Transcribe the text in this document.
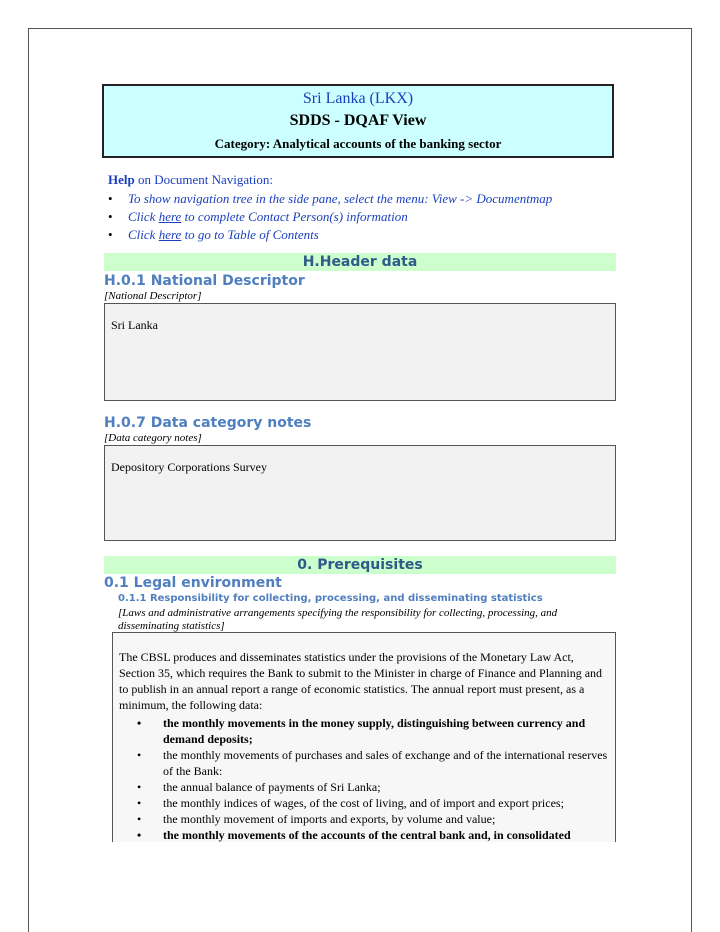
Sri Lanka (LKX)
SDDS - DQAF View
Category: Analytical accounts of the banking sector
Help on Document Navigation:
• To show navigation tree in the side pane, select the menu: View -> Documentmap
• Click here to complete Contact Person(s) information
• Click here to go to Table of Contents
H.Header data
H.0.1 National Descriptor
[National Descriptor]
Sri Lanka
H.0.7 Data category notes
[Data category notes]
Depository Corporations Survey
0. Prerequisites
0.1 Legal environment
0.1.1 Responsibility for collecting, processing, and disseminating statistics
[Laws and administrative arrangements specifying the responsibility for collecting, processing, and
disseminating statistics]
The CBSL produces and disseminates statistics under the provisions of the Monetary Law Act, Section 35, which requires the Bank to submit to the Minister in charge of Finance and Planning and to publish in an annual report a range of economic statistics. The annual report must present, as a minimum, the following data:
• the monthly movements in the money supply, distinguishing between currency and demand deposits;
• the monthly movements of purchases and sales of exchange and of the international reserves of the Bank:
• the annual balance of payments of Sri Lanka;
• the monthly indices of wages, of the cost of living, and of import and export prices;
• the monthly movement of imports and exports, by volume and value;
• the monthly movements of the accounts of the central bank and, in consolidated
